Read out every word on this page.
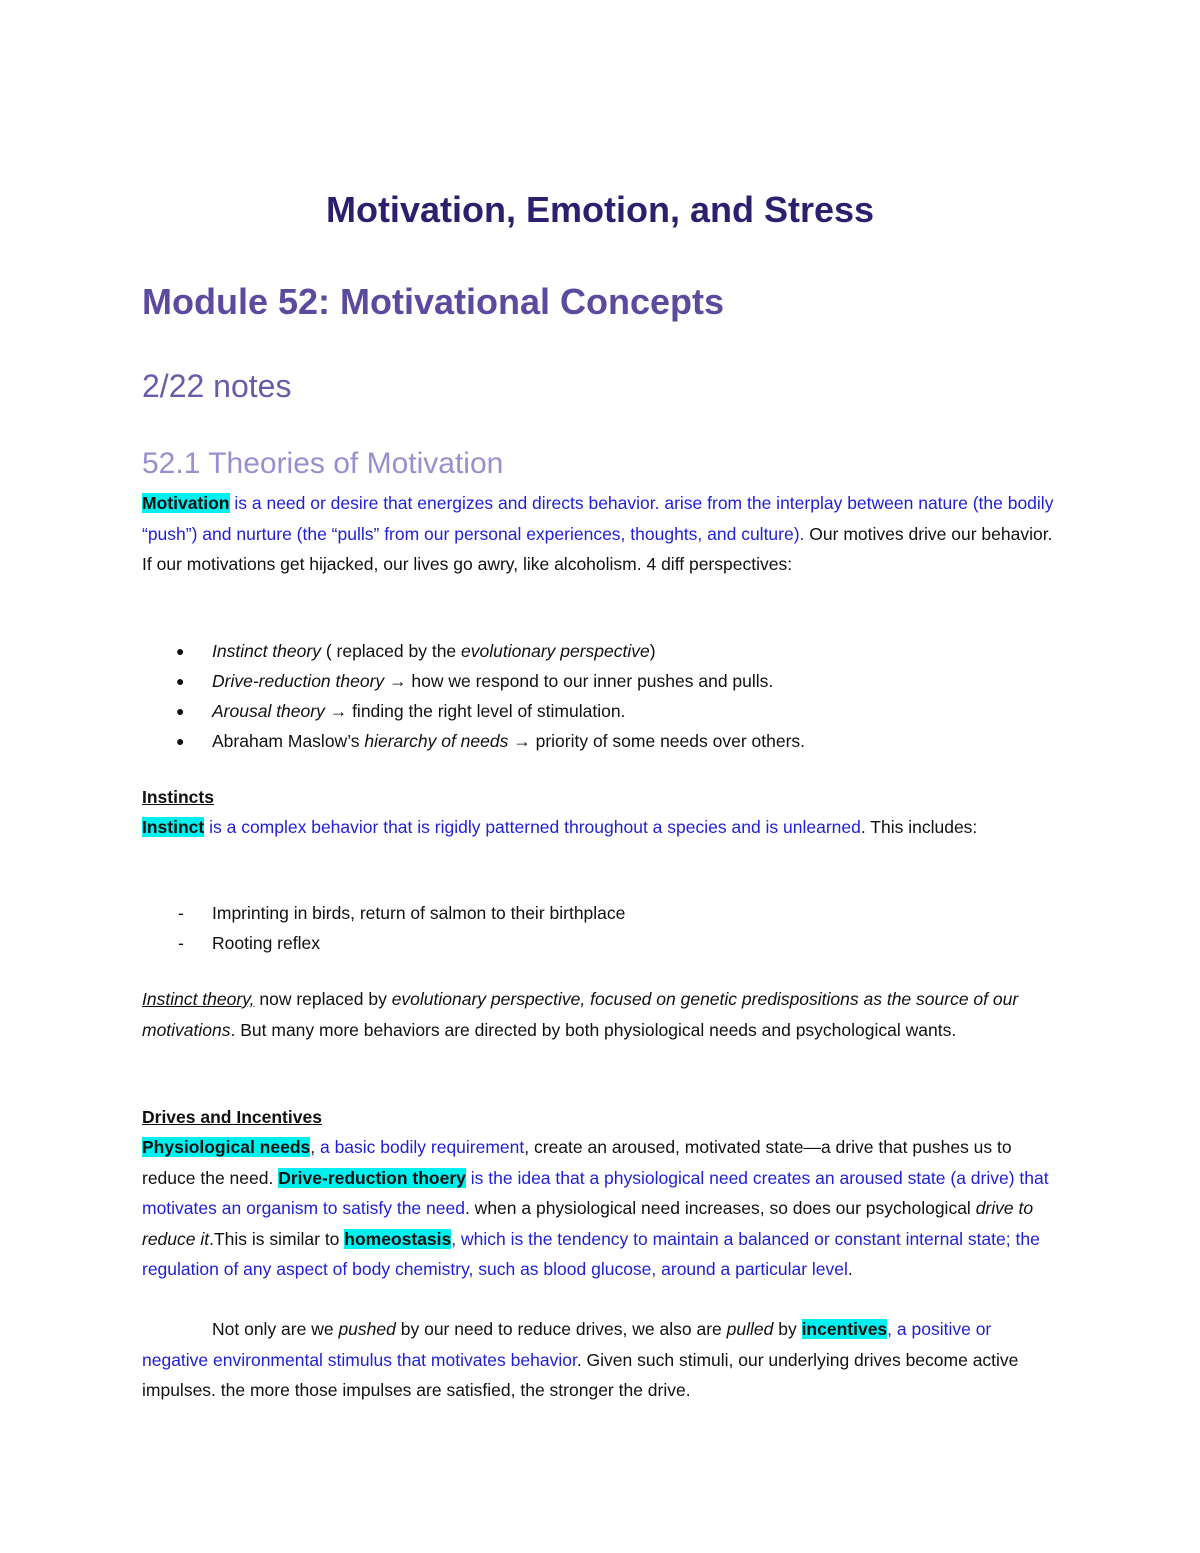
Motivation, Emotion, and Stress
Module 52: Motivational Concepts
2/22 notes
52.1 Theories of Motivation

Motivation is a need or desire that energizes and directs behavior. arise from the interplay between nature (the bodily “push”) and nurture (the “pulls” from our personal experiences, thoughts, and culture). Our motives drive our behavior. If our motivations get hijacked, our lives go awry, like alcoholism. 4 diff perspectives:

● Instinct theory ( replaced by the evolutionary perspective)
● Drive-reduction theory → how we respond to our inner pushes and pulls.
● Arousal theory → finding the right level of stimulation.
● Abraham Maslow’s hierarchy of needs → priority of some needs over others.

Instincts

Instinct is a complex behavior that is rigidly patterned throughout a species and is unlearned. This includes:

- Imprinting in birds, return of salmon to their birthplace
- Rooting reflex

Instinct theory, now replaced by evolutionary perspective, focused on genetic predispositions as the source of our motivations. But many more behaviors are directed by both physiological needs and psychological wants.

Drives and Incentives

Physiological needs, a basic bodily requirement, create an aroused, motivated state—a drive that pushes us to reduce the need. Drive-reduction thoery is the idea that a physiological need creates an aroused state (a drive) that motivates an organism to satisfy the need. when a physiological need increases, so does our psychological drive to reduce it.This is similar to homeostasis, which is the tendency to maintain a balanced or constant internal state; the regulation of any aspect of body chemistry, such as blood glucose, around a particular level.

Not only are we pushed by our need to reduce drives, we also are pulled by incentives, a positive or negative environmental stimulus that motivates behavior. Given such stimuli, our underlying drives become active impulses. the more those impulses are satisfied, the stronger the drive.
